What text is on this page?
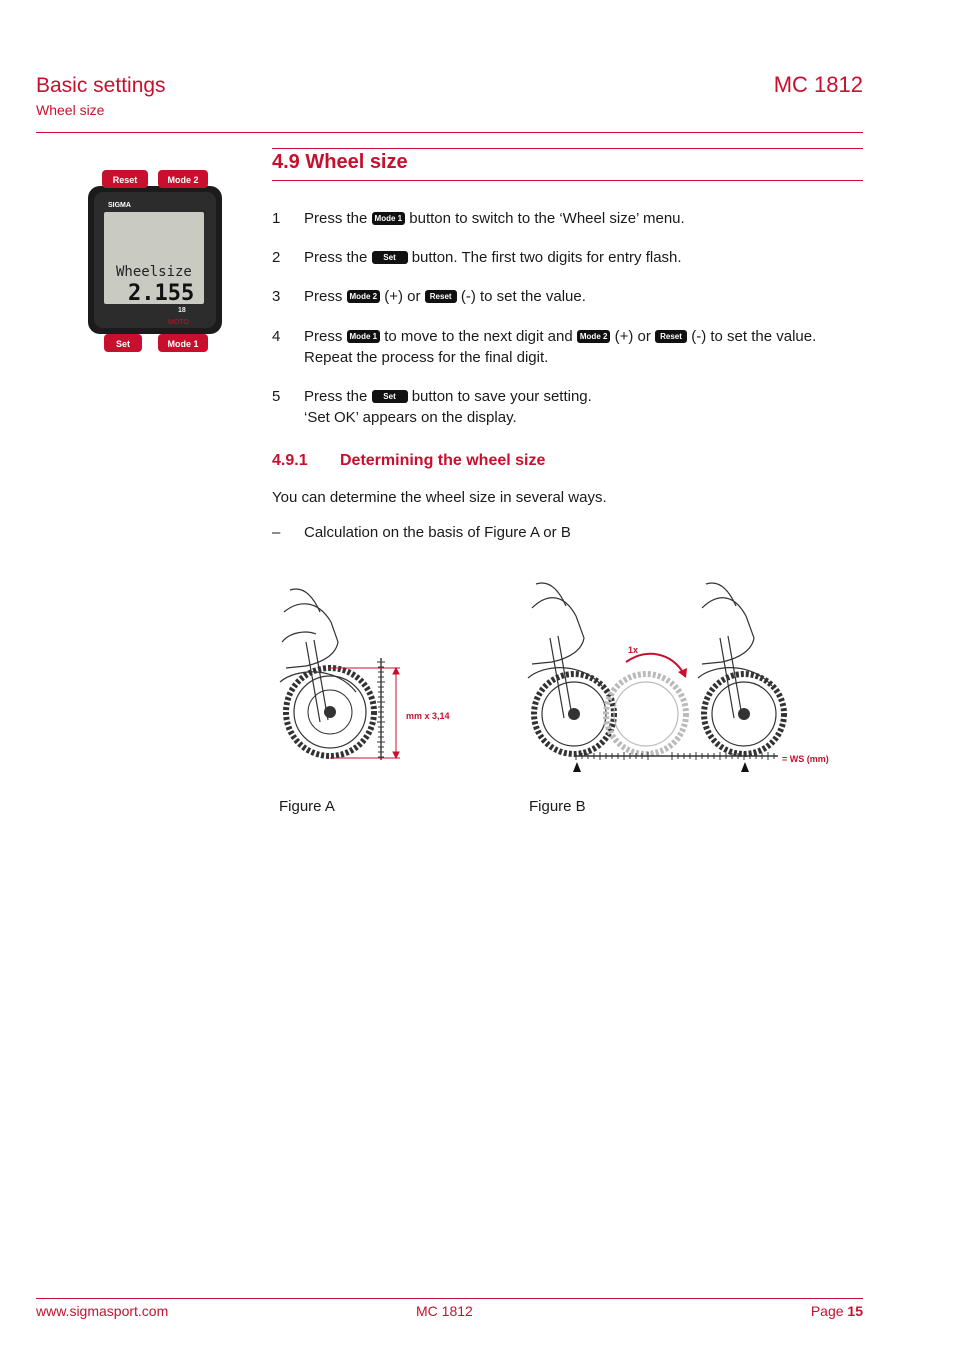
Basic settings
Wheel size
MC 1812
SIGMA
Wheelsize
2.155
18
MOTO
Reset	Mode 2
Set	Mode 1
4.9 Wheel size
1 Press the Mode 1 button to switch to the ‘Wheel size’ menu.
2 Press the Set button. The first two digits for entry flash.
3 Press Mode 2 (+) or Reset (-) to set the value.
4 Press Mode 1 to move to the next digit and Mode 2 (+) or Reset (-) to set the value.
Repeat the process for the final digit.
5 Press the Set button to save your setting.
‘Set OK’ appears on the display.
4.9.1 Determining the wheel size
You can determine the wheel size in several ways.
– Calculation on the basis of Figure A or B
mm x 3,14
1x
= WS (mm)
Figure A	Figure B
www.sigmasport.com	MC 1812	Page 15
